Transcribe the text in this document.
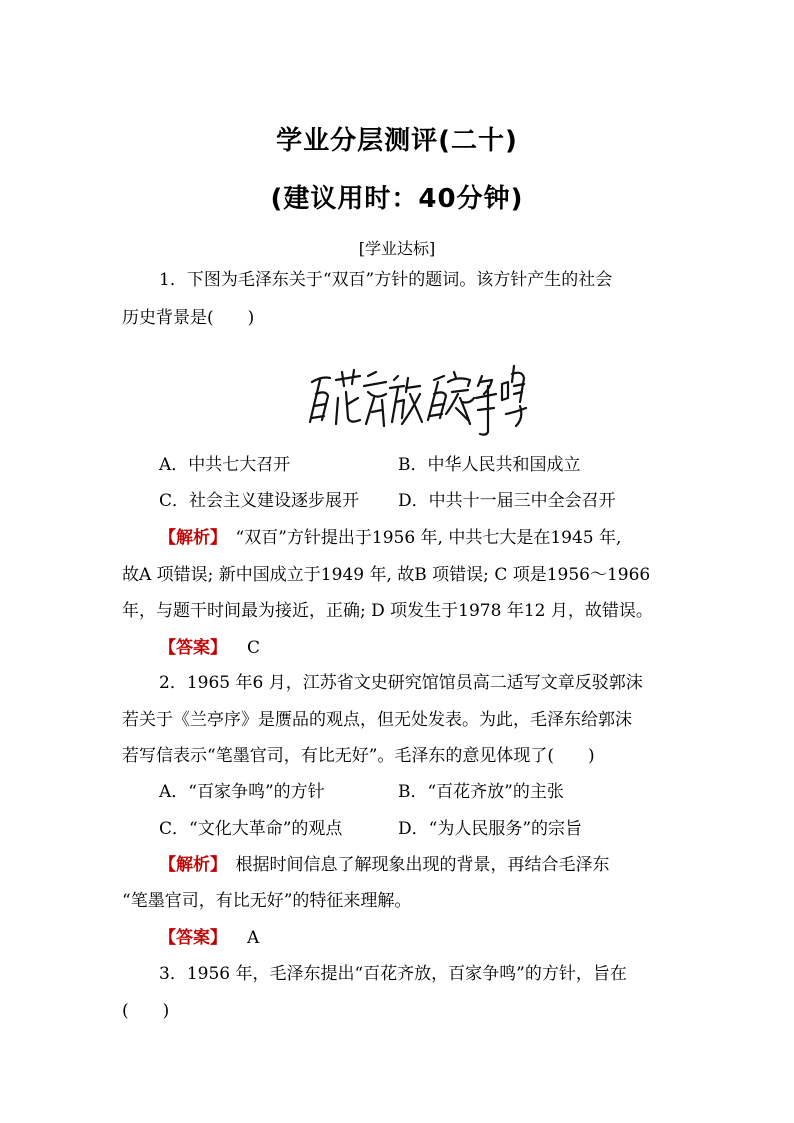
学业分层测评(二十)
(建议用时：40分钟)
[学业达标]
1．下图为毛泽东关于“双百”方针的题词。该方针产生的社会
历史背景是(　　)
A．中共七大召开	B．中华人民共和国成立
C．社会主义建设逐步展开 D．中共十一届三中全会召开
【解析】　“双百”方针提出于1956 年, 中共七大是在1945 年,
故A 项错误; 新中国成立于1949 年, 故B 项错误; C 项是1956～1966
年，与题干时间最为接近，正确; D 项发生于1978 年12 月，故错误。
【答案】 C
2．1965 年6 月，江苏省文史研究馆馆员高二适写文章反驳郭沫
若关于《兰亭序》是赝品的观点，但无处发表。为此，毛泽东给郭沫
若写信表示“笔墨官司，有比无好”。毛泽东的意见体现了(　　)
A．“百家争鸣”的方针	B．“百花齐放”的主张
C．“文化大革命”的观点	D．“为人民服务”的宗旨
【解析】　根据时间信息了解现象出现的背景，再结合毛泽东
“笔墨官司，有比无好”的特征来理解。
【答案】 A
3．1956 年，毛泽东提出“百花齐放，百家争鸣”的方针，旨在
(　　)
